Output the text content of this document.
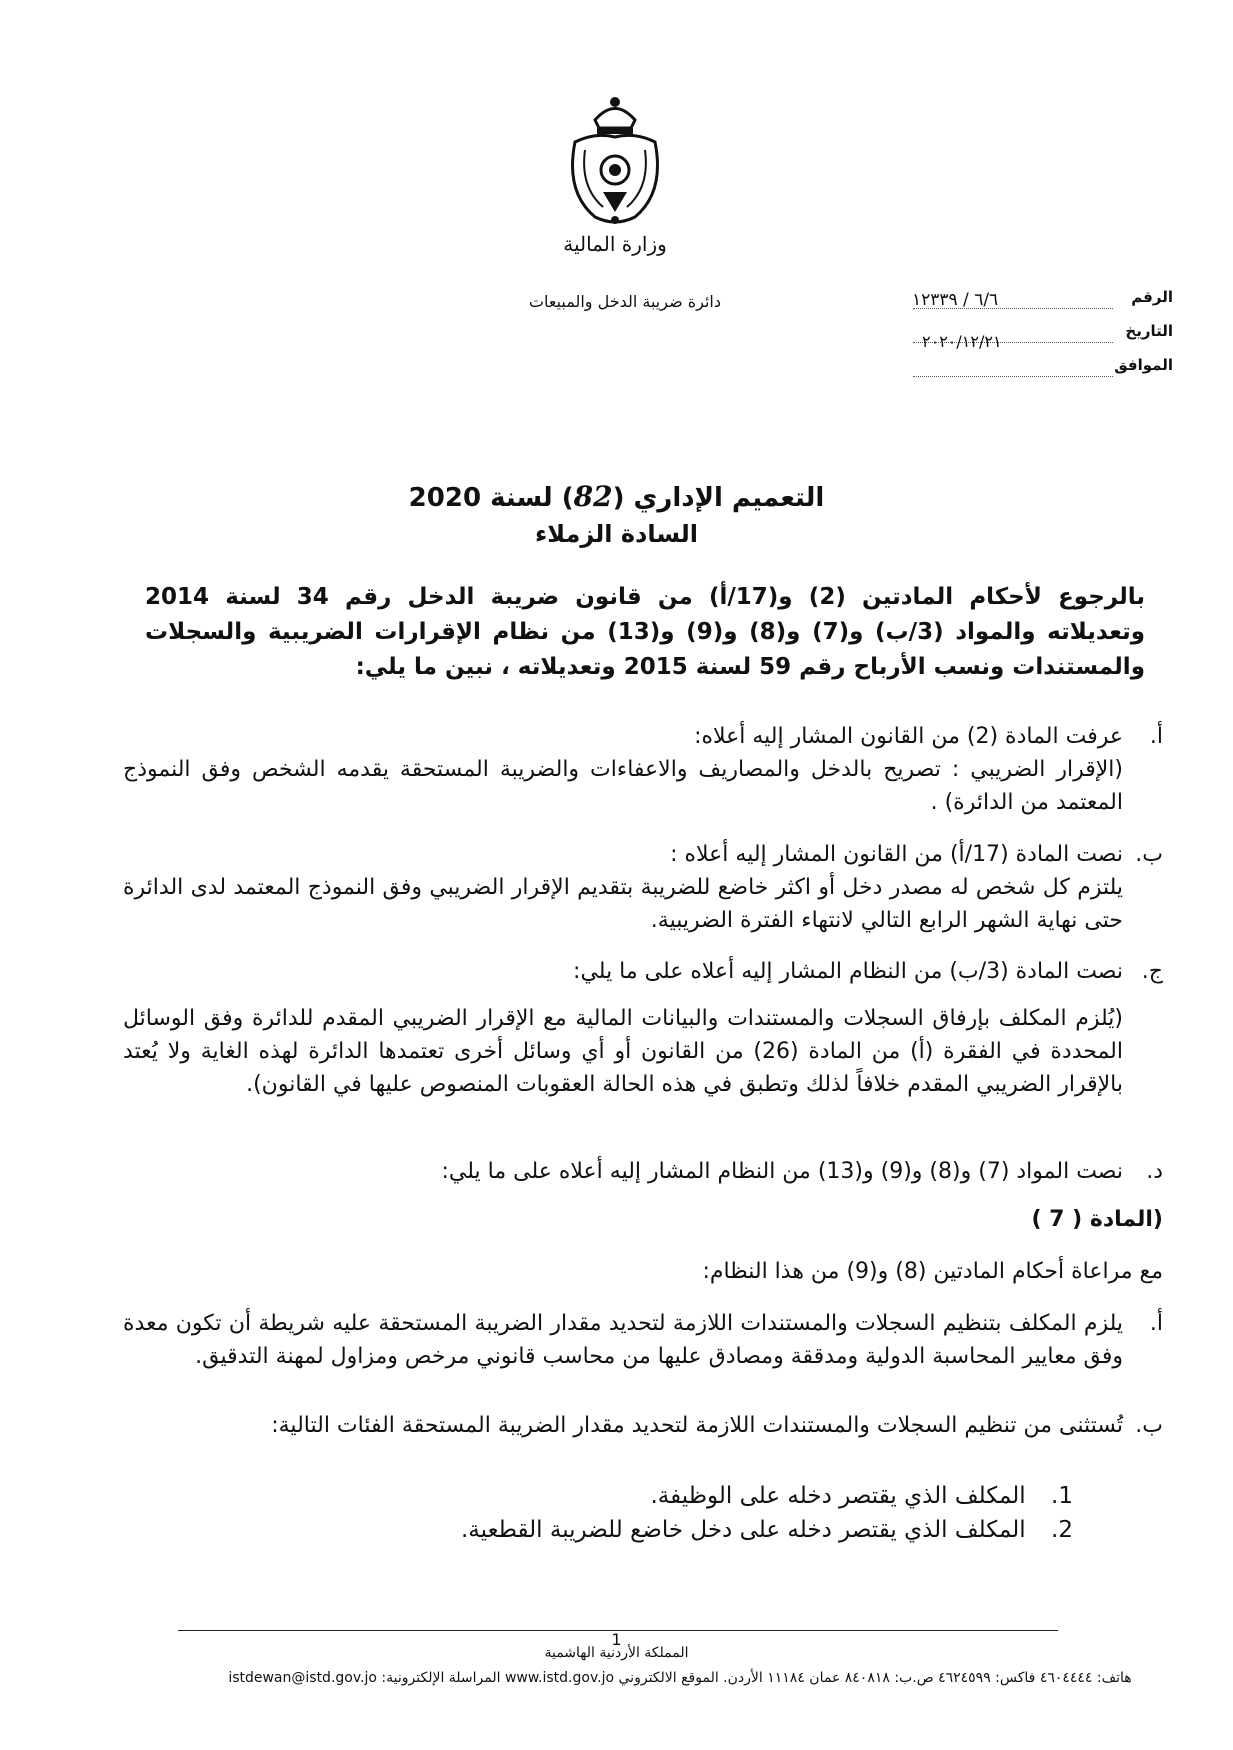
وزارة المالية
دائرة ضريبة الدخل والمبيعات	٦/٦ / ١٢٣٣٩	الرقم
التاريخ
٢٠٢٠/١٢/٢١
الموافق
التعميم الإداري (82) لسنة 2020
السادة الزملاء
بالرجوع لأحكام المادتين (2) و(17/أ) من قانون ضريبة الدخل رقم 34 لسنة 2014 وتعديلاته والمواد (3/ب) و(7) و(8) و(9) و(13) من نظام الإقرارات الضريبية والسجلات والمستندات ونسب الأرباح رقم 59 لسنة 2015 وتعديلاته ، نبين ما يلي:
أ.
عرفت المادة (2) من القانون المشار إليه أعلاه:
(الإقرار الضريبي : تصريح بالدخل والمصاريف والاعفاءات والضريبة المستحقة يقدمه الشخص وفق النموذج المعتمد من الدائرة) .
ب.
نصت المادة (17/أ) من القانون المشار إليه أعلاه :
يلتزم كل شخص له مصدر دخل أو اكثر خاضع للضريبة بتقديم الإقرار الضريبي وفق النموذج المعتمد لدى الدائرة حتى نهاية الشهر الرابع التالي لانتهاء الفترة الضريبية.
ج.
نصت المادة (3/ب) من النظام المشار إليه أعلاه على ما يلي:
(يُلزم المكلف بإرفاق السجلات والمستندات والبيانات المالية مع الإقرار الضريبي المقدم للدائرة وفق الوسائل المحددة في الفقرة (أ) من المادة (26) من القانون أو أي وسائل أخرى تعتمدها الدائرة لهذه الغاية ولا يُعتد بالإقرار الضريبي المقدم خلافاً لذلك وتطبق في هذه الحالة العقوبات المنصوص عليها في القانون).
د.
نصت المواد (7) و(8) و(9) و(13) من النظام المشار إليه أعلاه على ما يلي:
(المادة ( 7 )
مع مراعاة أحكام المادتين (8) و(9) من هذا النظام:
أ.
يلزم المكلف بتنظيم السجلات والمستندات اللازمة لتحديد مقدار الضريبة المستحقة عليه شريطة أن تكون معدة وفق معايير المحاسبة الدولية ومدققة ومصادق عليها من محاسب قانوني مرخص ومزاول لمهنة التدقيق.
ب.
تُستثنى من تنظيم السجلات والمستندات اللازمة لتحديد مقدار الضريبة المستحقة الفئات التالية:
1. المكلف الذي يقتصر دخله على الوظيفة.
2. المكلف الذي يقتصر دخله على دخل خاضع للضريبة القطعية.
1
المملكة الأردنية الهاشمية
هاتف: ٤٦٠٤٤٤٤ فاكس: ٤٦٢٤٥٩٩ ص.ب: ٨٤٠٨١٨ عمان ١١١٨٤ الأردن. الموقع الالكتروني www.istd.gov.jo المراسلة الإلكترونية: istdewan@istd.gov.jo
